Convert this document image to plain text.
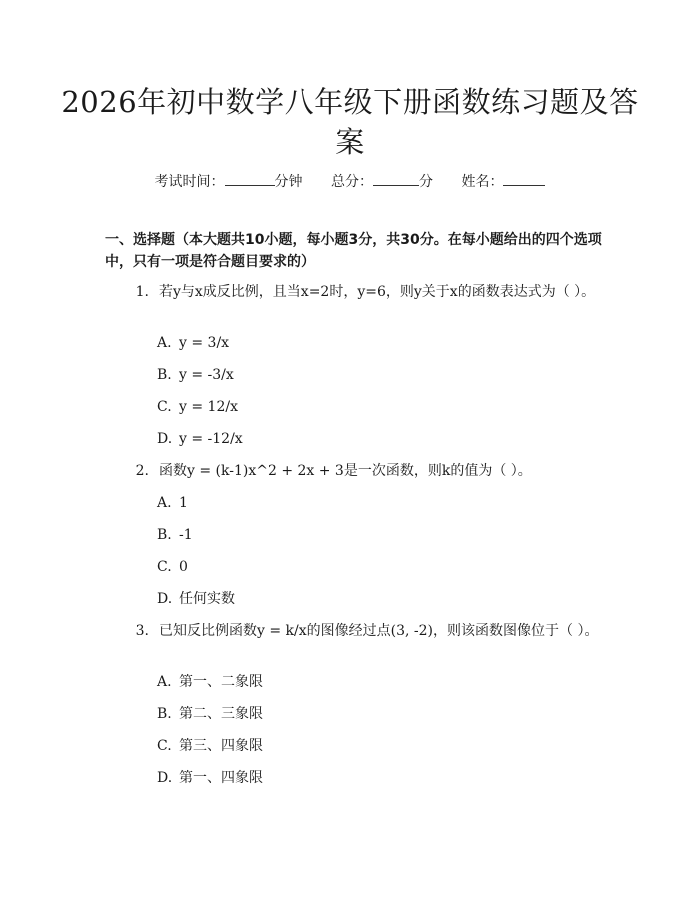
2026年初中数学八年级下册函数练习题及答案
考试时间：	分钟 总分：	分 姓名：
一、选择题（本大题共10小题，每小题3分，共30分。在每小题给出的四个选项中，只有一项是符合题目要求的）
1. 若y与x成反比例，且当x=2时，y=6，则y关于x的函数表达式为（ ）。
A. y = 3/x
B. y = -3/x
C. y = 12/x
D. y = -12/x
2. 函数y = (k-1)x^2 + 2x + 3是一次函数，则k的值为（ ）。
A. 1
B. -1
C. 0
D. 任何实数
3. 已知反比例函数y = k/x的图像经过点(3, -2)，则该函数图像位于（ ）。
A. 第一、二象限
B. 第二、三象限
C. 第三、四象限
D. 第一、四象限
